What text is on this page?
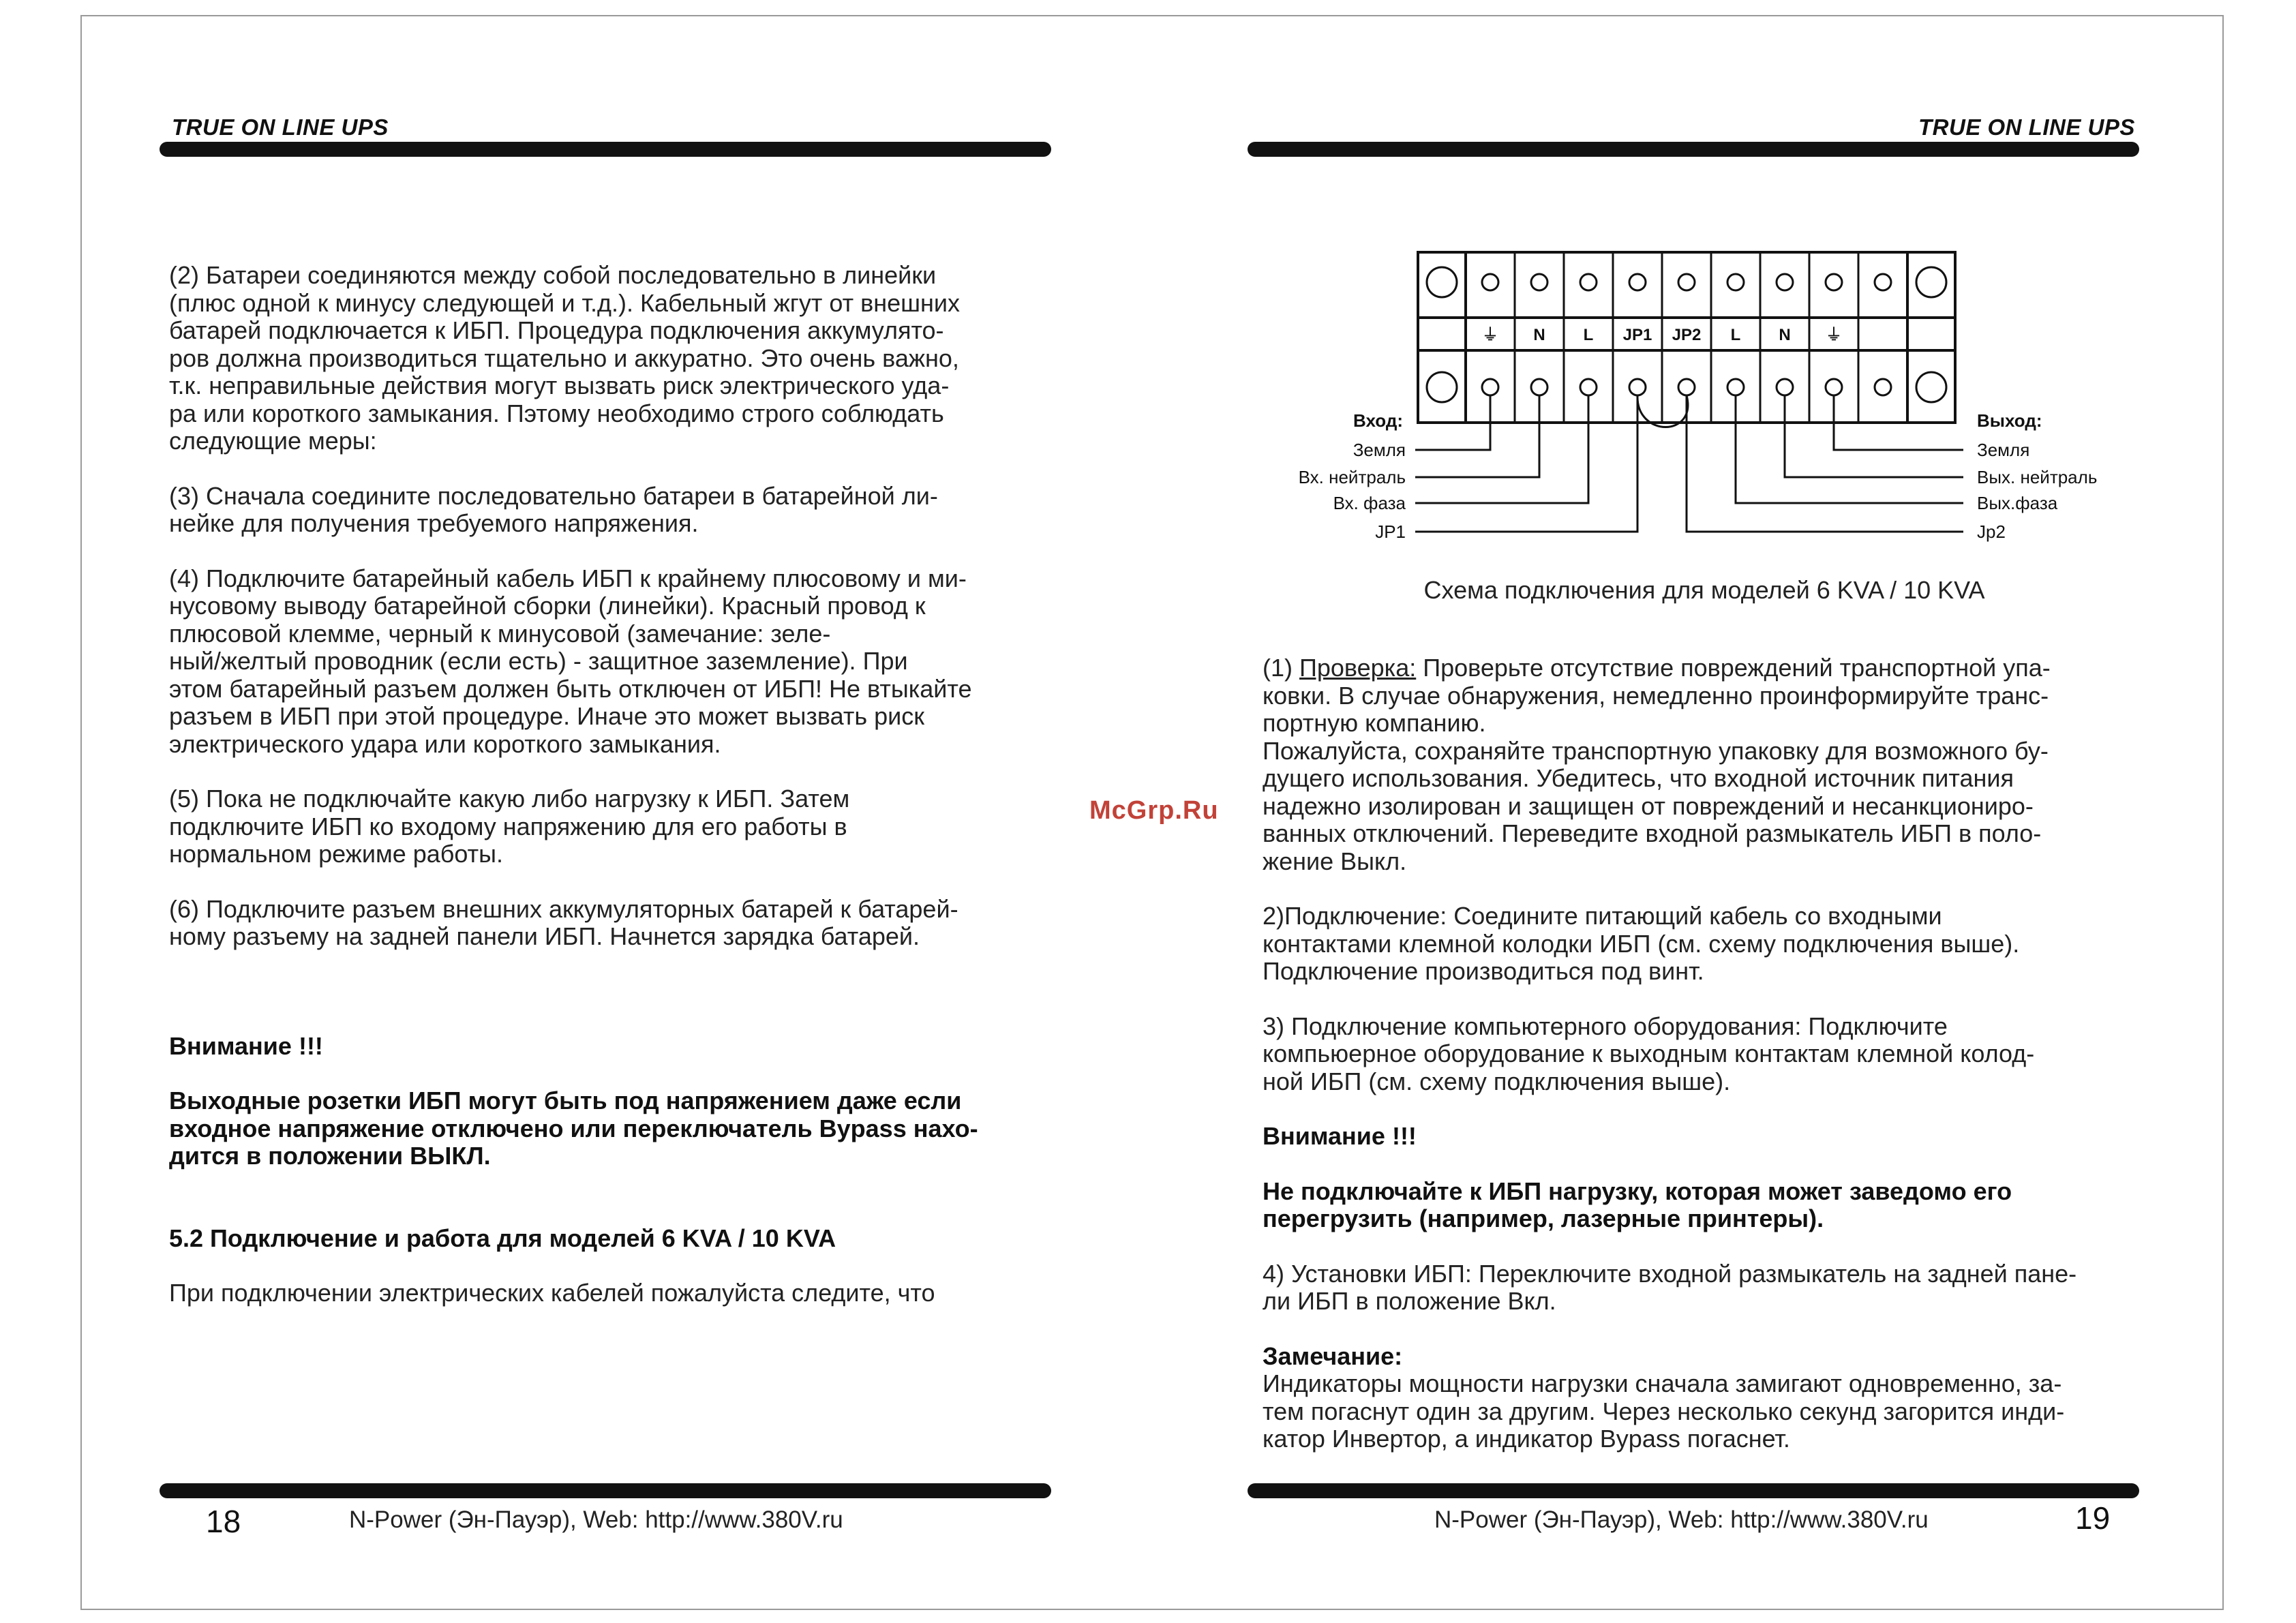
TRUE ON LINE UPS

(2) Батареи соединяются между собой последовательно в линейки
(плюс одной к минусу следующей и т.д.). Кабельный жгут от внешних
батарей подключается к ИБП. Процедура подключения аккумулято-
ров должна производиться тщательно и аккуратно. Это очень важно,
т.к. неправильные действия могут вызвать риск электрического уда-
ра или короткого замыкания. Пэтому необходимо строго соблюдать
следующие меры:

(3) Сначала соедините последовательно батареи в батарейной ли-
нейке для получения требуемого напряжения.

(4) Подключите батарейный кабель ИБП к крайнему плюсовому и ми-
нусовому выводу батарейной сборки (линейки). Красный провод к
плюсовой клемме, черный к минусовой (замечание: зеле-
ный/желтый проводник (если есть) - защитное заземление). При
этом батарейный разъем должен быть отключен от ИБП! Не втыкайте
разъем в ИБП при этой процедуре. Иначе это может вызвать риск
электрического удара или короткого замыкания.

(5) Пока не подключайте какую либо нагрузку к ИБП. Затем
подключите ИБП ко входому напряжению для его работы в
нормальном режиме работы.

(6) Подключите разъем внешних аккумуляторных батарей к батарей-
ному разъему на задней панели ИБП. Начнется зарядка батарей.

Внимание !!!

Выходные розетки ИБП могут быть под напряжением даже если
входное напряжение отключено или переключатель Bypass нахо-
дится в положении ВЫКЛ.

5.2 Подключение и работа для моделей 6 KVA / 10 KVA

При подключении электрических кабелей пожалуйста следите, что

18	N-Power (Эн-Пауэр), Web: http://www.380V.ru
McGrp.Ru
TRUE ON LINE UPS
⏚ N L JP1 JP2 L N ⏚
Вход:
Земля
Вх. нейтраль
Вх. фаза
JP1
Выход:
Земля
Вых. нейтраль
Вых.фаза
Jp2
Схема подключения для моделей 6 KVA / 10 KVA

(1) Проверка: Проверьте отсутствие повреждений транспортной упа-
ковки. В случае обнаружения, немедленно проинформируйте транс-
портную компанию.
Пожалуйста, сохраняйте транспортную упаковку для возможного бу-
дущего использования. Убедитесь, что входной источник питания
надежно изолирован и защищен от повреждений и несанкциониро-
ванных отключений. Переведите входной размыкатель ИБП в поло-
жение Выкл.

2)Подключение: Соедините питающий кабель со входными
контактами клемной колодки ИБП (см. схему подключения выше).
Подключение производиться под винт.

3) Подключение компьютерного оборудования: Подключите
компьюерное оборудование к выходным контактам клемной колод-
ной ИБП (см. схему подключения выше).

Внимание !!!

Не подключайте к ИБП нагрузку, которая может заведомо его
перегрузить (например, лазерные принтеры).

4) Установки ИБП: Переключите входной размыкатель на задней пане-
ли ИБП в положение Вкл.

Замечание:

Индикаторы мощности нагрузки сначала замигают одновременно, за-
тем погаснут один за другим. Через несколько секунд загорится инди-
катор Инвертор, а индикатор Bypass погаснет.

N-Power (Эн-Пауэр), Web: http://www.380V.ru	19
